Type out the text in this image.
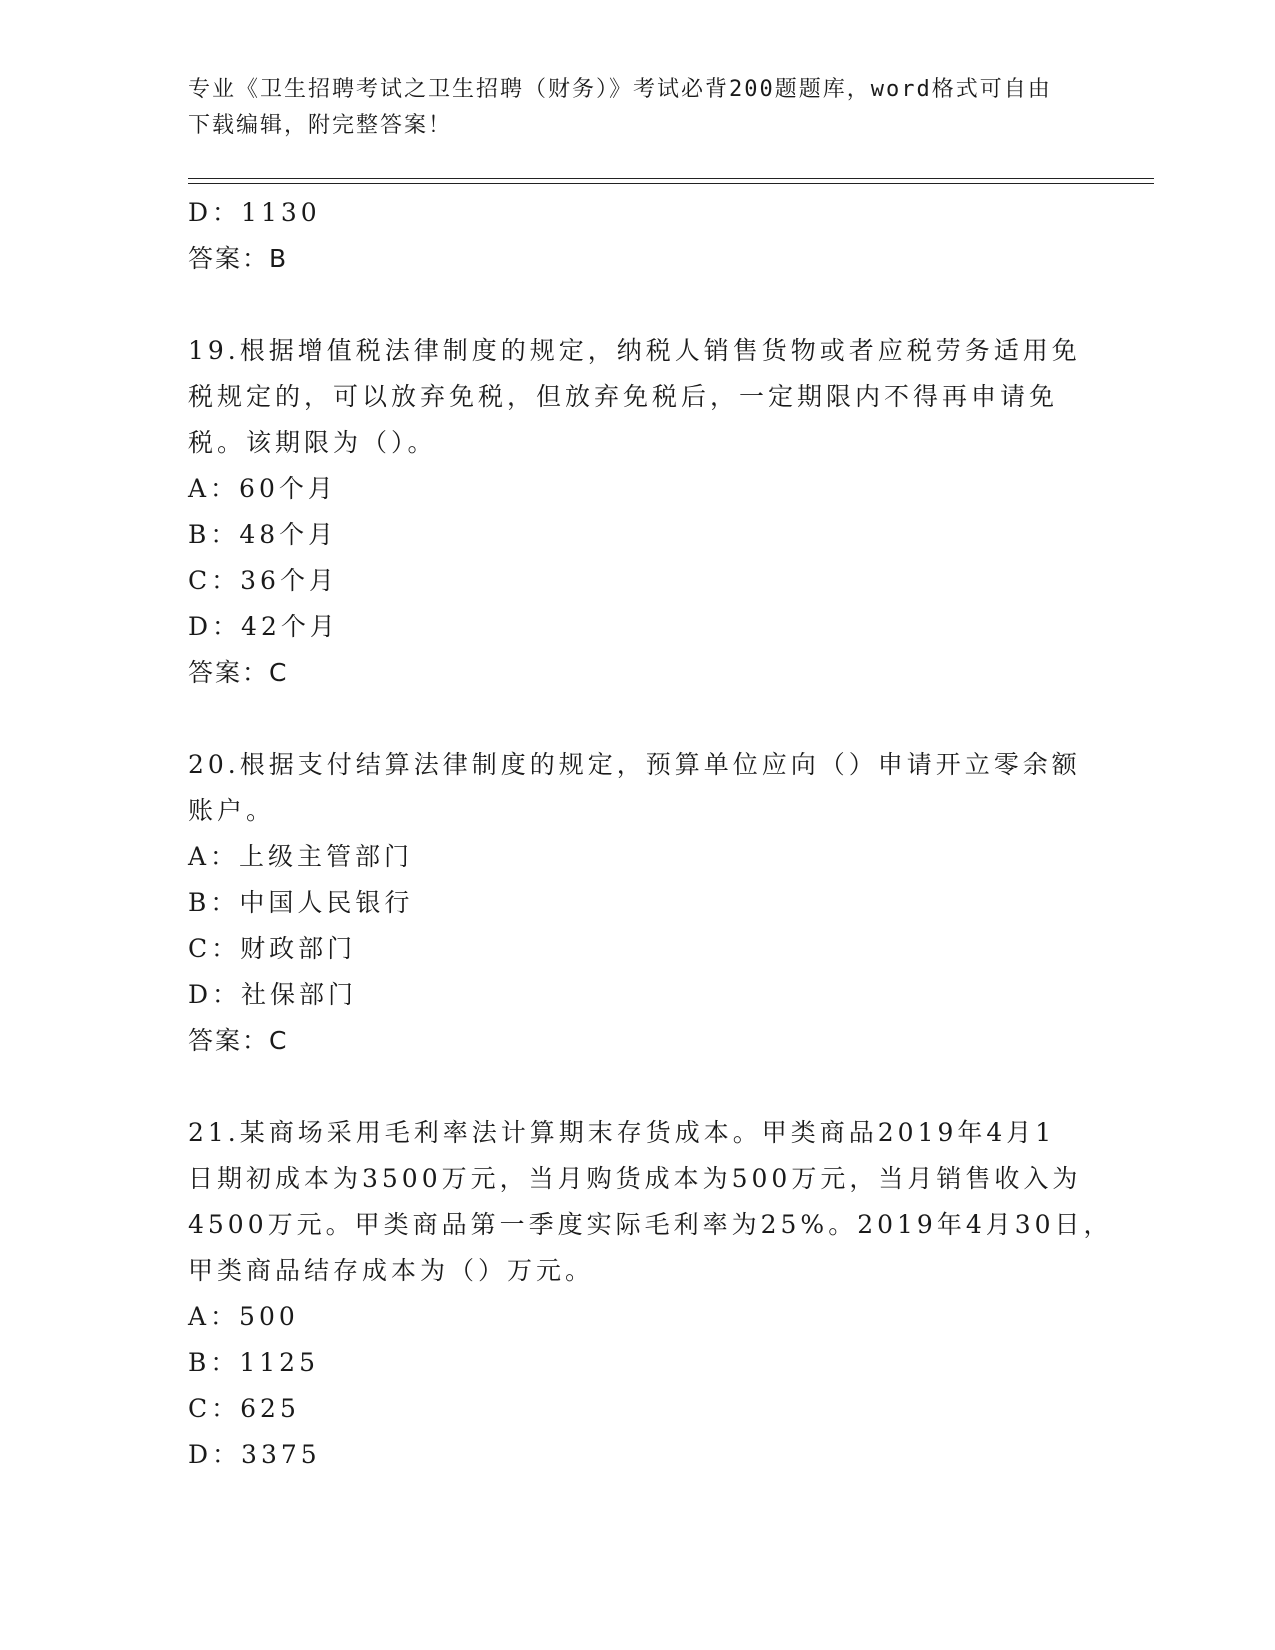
专业《卫生招聘考试之卫生招聘（财务）》考试必背200题题库，word格式可自由下载编辑，附完整答案！
D：1130
答案：B
19.根据增值税法律制度的规定，纳税人销售货物或者应税劳务适用免
税规定的，可以放弃免税，但放弃免税后，一定期限内不得再申请免
税。该期限为（）。
A：60个月
B：48个月
C：36个月
D：42个月
答案：C
20.根据支付结算法律制度的规定，预算单位应向（）申请开立零余额
账户。
A：上级主管部门
B：中国人民银行
C：财政部门
D：社保部门
答案：C
21.某商场采用毛利率法计算期末存货成本。甲类商品2019年4月1
日期初成本为3500万元，当月购货成本为500万元，当月销售收入为
4500万元。甲类商品第一季度实际毛利率为25%。2019年4月30日，
甲类商品结存成本为（）万元。
A：500
B：1125
C：625
D：3375
